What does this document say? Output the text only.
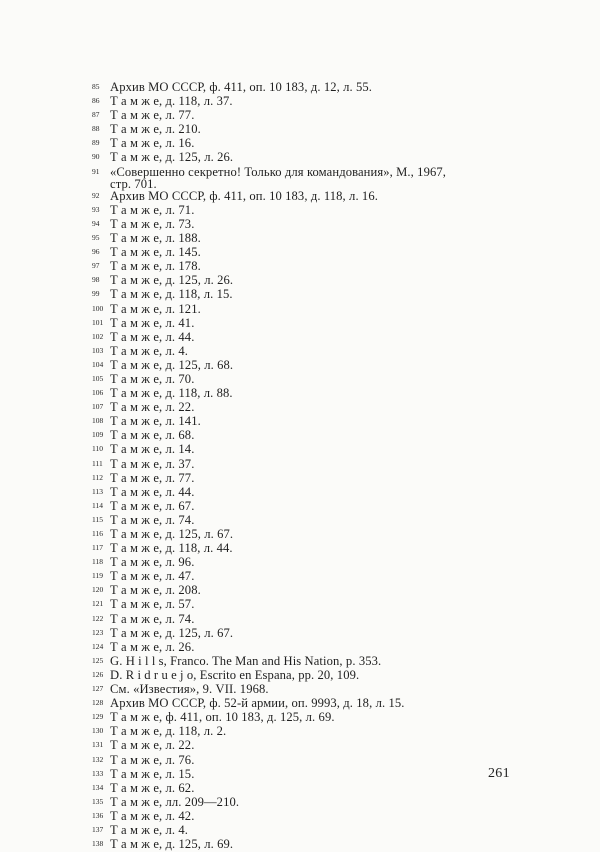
85 Архив МО СССР, ф. 411, оп. 10 183, д. 12, л. 55.
86 Т а м ж е, д. 118, л. 37.
87 Т а м ж е, л. 77.
88 Т а м ж е, л. 210.
89 Т а м ж е, л. 16.
90 Т а м ж е, д. 125, л. 26.
91 «Совершенно секретно! Только для командования», М., 1967,
стр. 701.
92 Архив МО СССР, ф. 411, оп. 10 183, д. 118, л. 16.
93 Т а м ж е, л. 71.
94 Т а м ж е, л. 73.
95 Т а м ж е, л. 188.
96 Т а м ж е, л. 145.
97 Т а м ж е, л. 178.
98 Т а м ж е, д. 125, л. 26.
99 Т а м ж е, д. 118, л. 15.
100 Т а м ж е, л. 121.
101 Т а м ж е, л. 41.
102 Т а м ж е, л. 44.
103 Т а м ж е, л. 4.
104 Т а м ж е, д. 125, л. 68.
105 Т а м ж е, л. 70.
106 Т а м ж е, д. 118, л. 88.
107 Т а м ж е, л. 22.
108 Т а м ж е, л. 141.
109 Т а м ж е, л. 68.
110 Т а м ж е, л. 14.
111 Т а м ж е, л. 37.
112 Т а м ж е, л. 77.
113 Т а м ж е, л. 44.
114 Т а м ж е, л. 67.
115 Т а м ж е, л. 74.
116 Т а м ж е, д. 125, л. 67.
117 Т а м ж е, д. 118, л. 44.
118 Т а м ж е, л. 96.
119 Т а м ж е, л. 47.
120 Т а м ж е, л. 208.
121 Т а м ж е, л. 57.
122 Т а м ж е, л. 74.
123 Т а м ж е, д. 125, л. 67.
124 Т а м ж е, л. 26.
125 G. H i l l s, Franco. The Man and His Nation, p. 353.
126 D. R i d r u e j o, Escrito en Espana, pp. 20, 109.
127 См. «Известия», 9. VII. 1968.
128 Архив МО СССР, ф. 52-й армии, оп. 9993, д. 18, л. 15.
129 Т а м ж е, ф. 411, оп. 10 183, д. 125, л. 69.
130 Т а м ж е, д. 118, л. 2.
131 Т а м ж е, л. 22.
132 Т а м ж е, л. 76.
133 Т а м ж е, л. 15.
134 Т а м ж е, л. 62.
135 Т а м ж е, лл. 209—210.
136 Т а м ж е, л. 42.
137 Т а м ж е, л. 4.
138 Т а м ж е, д. 125, л. 69.
261
